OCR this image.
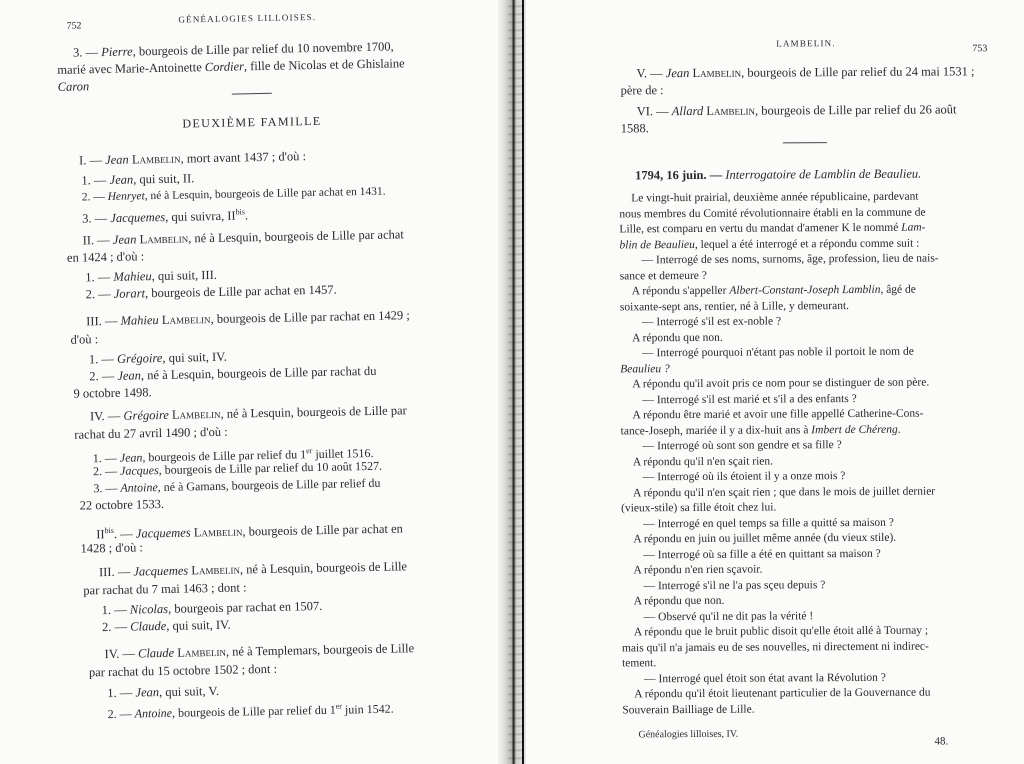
752
GÉNÉALOGIES LILLOISES.
3. — Pierre, bourgeois de Lille par relief du 10 novembre 1700,
marié avec Marie-Antoinette Cordier, fille de Nicolas et de Ghislaine
Caron
DEUXIÈME FAMILLE
I. — Jean Lambelin, mort avant 1437 ; d'où :
1. — Jean, qui suit, II.
2. — Henryet, né à Lesquin, bourgeois de Lille par achat en 1431.
3. — Jacquemes, qui suivra, $II^{bis}$.
II. — Jean Lambelin, né à Lesquin, bourgeois de Lille par achat
en 1424 ; d'où :
1. — Mahieu, qui suit, III.
2. — Jorart, bourgeois de Lille par achat en 1457.
III. — Mahieu Lambelin, bourgeois de Lille par rachat en 1429 ;
d'où :
1. — Grégoire, qui suit, IV.
2. — Jean, né à Lesquin, bourgeois de Lille par rachat du
9 octobre 1498.
IV. — Grégoire Lambelin, né à Lesquin, bourgeois de Lille par
rachat du 27 avril 1490 ; d'où :
1. — Jean, bourgeois de Lille par relief du 1er juillet 1516.
2. — Jacques, bourgeois de Lille par relief du 10 août 1527.
3. — Antoine, né à Gamans, bourgeois de Lille par relief du
22 octobre 1533.
$II^{bis}$. — Jacquemes Lambelin, bourgeois de Lille par achat en
1428 ; d'où :
III. — Jacquemes Lambelin, né à Lesquin, bourgeois de Lille
par rachat du 7 mai 1463 ; dont :
1. — Nicolas, bourgeois par rachat en 1507.
2. — Claude, qui suit, IV.
IV. — Claude Lambelin, né à Templemars, bourgeois de Lille
par rachat du 15 octobre 1502 ; dont :
1. — Jean, qui suit, V.
2. — Antoine, bourgeois de Lille par relief du 1er juin 1542.
LAMBELIN.	753
V. — Jean Lambelin, bourgeois de Lille par relief du 24 mai 1531 ;
père de :
VI. — Allard Lambelin, bourgeois de Lille par relief du 26 août
1588.
1794, 16 juin. — Interrogatoire de Lamblin de Beaulieu.
Le vingt-huit prairial, deuxième année républicaine, pardevant
nous membres du Comité révolutionnaire établi en la commune de
Lille, est comparu en vertu du mandat d'amener K le nommé Lam-
blin de Beaulieu, lequel a été interrogé et a répondu comme suit :
— Interrogé de ses noms, surnoms, âge, profession, lieu de nais-
sance et demeure ?
A répondu s'appeller Albert-Constant-Joseph Lamblin, âgé de
soixante-sept ans, rentier, né à Lille, y demeurant.
— Interrogé s'il est ex-noble ?
A répondu que non.
— Interrogé pourquoi n'étant pas noble il portoit le nom de
Beaulieu ?
A répondu qu'il avoit pris ce nom pour se distinguer de son père.
— Interrogé s'il est marié et s'il a des enfants ?
A répondu être marié et avoir une fille appellé Catherine-Cons-
tance-Joseph, mariée il y a dix-huit ans à Imbert de Chéreng.
— Interrogé où sont son gendre et sa fille ?
A répondu qu'il n'en sçait rien.
— Interrogé où ils étoient il y a onze mois ?
A répondu qu'il n'en sçait rien ; que dans le mois de juillet dernier
(vieux-stile) sa fille étoit chez lui.
— Interrogé en quel temps sa fille a quitté sa maison ?
A répondu en juin ou juillet même année (du vieux stile).
— Interrogé où sa fille a été en quittant sa maison ?
A répondu n'en rien sçavoir.
— Interrogé s'il ne l'a pas sçeu depuis ?
A répondu que non.
— Observé qu'il ne dit pas la vérité !
A répondu que le bruit public disoit qu'elle étoit allé à Tournay ;
mais qu'il n'a jamais eu de ses nouvelles, ni directement ni indirec-
tement.
— Interrogé quel étoit son état avant la Révolution ?
A répondu qu'il étoit lieutenant particulier de la Gouvernance du
Souverain Bailliage de Lille.
Généalogies lilloises, IV.
48.
